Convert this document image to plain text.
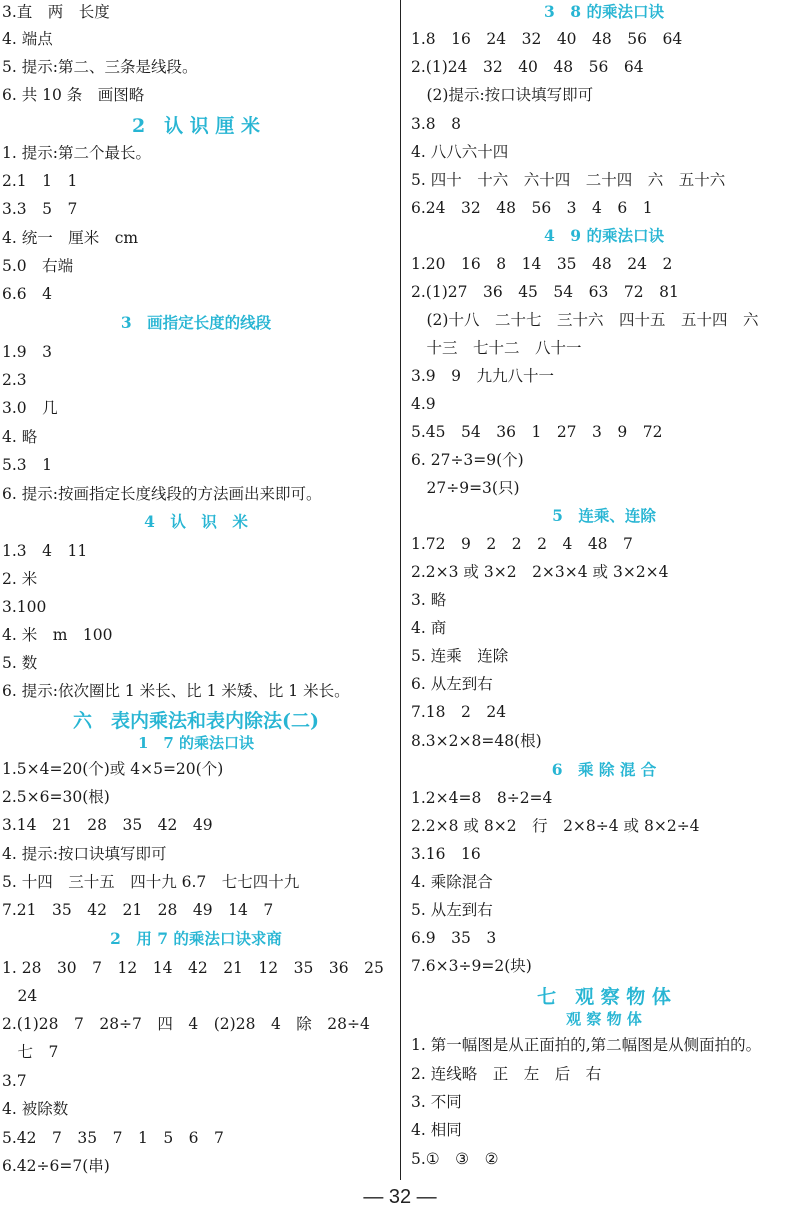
3.直　两　长度
4. 端点
5. 提示:第二、三条是线段。
6. 共 10 条　画图略
2　认 识 厘 米
1. 提示:第二个最长。
2.1　1　1
3.3　5　7
4. 统一　厘米　cm
5.0　右端
6.6　4
3　画指定长度的线段
1.9　3
2.3
3.0　几
4. 略
5.3　1
6. 提示:按画指定长度线段的方法画出来即可。
4　认　识　米
1.3　4　11
2. 米
3.100
4. 米　m　100
5. 数
6. 提示:依次圈比 1 米长、比 1 米矮、比 1 米长。
六　表内乘法和表内除法(二)
1　7 的乘法口诀
1.5×4=20(个)或 4×5=20(个)
2.5×6=30(根)
3.14　21　28　35　42　49
4. 提示:按口诀填写即可
5. 十四　三十五　四十九 6.7　七七四十九
7.21　35　42　21　28　49　14　7
2　用 7 的乘法口诀求商
1. 28　30　7　12　14　42　21　12　35　36　25
　24
2.(1)28　7　28÷7　四　4　(2)28　4　除　28÷4
　七　7
3.7
4. 被除数
5.42　7　35　7　1　5　6　7
6.42÷6=7(串)
3　8 的乘法口诀
1.8　16　24　32　40　48　56　64
2.(1)24　32　40　48　56　64
　(2)提示:按口诀填写即可
3.8　8
4. 八八六十四
5. 四十　十六　六十四　二十四　六　五十六
6.24　32　48　56　3　4　6　1
4　9 的乘法口诀
1.20　16　8　14　35　48　24　2
2.(1)27　36　45　54　63　72　81
　(2)十八　二十七　三十六　四十五　五十四　六
　十三　七十二　八十一
3.9　9　九九八十一
4.9
5.45　54　36　1　27　3　9　72
6. 27÷3=9(个)
　27÷9=3(只)
5　连乘、连除
1.72　9　2　2　2　4　48　7
2.2×3 或 3×2　2×3×4 或 3×2×4
3. 略
4. 商
5. 连乘　连除
6. 从左到右
7.18　2　24
8.3×2×8=48(根)
6　乘 除 混 合
1.2×4=8　8÷2=4
2.2×8 或 8×2　行　2×8÷4 或 8×2÷4
3.16　16
4. 乘除混合
5. 从左到右
6.9　35　3
7.6×3÷9=2(块)
七　观 察 物 体
观 察 物 体
1. 第一幅图是从正面拍的,第二幅图是从侧面拍的。
2. 连线略　正　左　后　右
3. 不同
4. 相同
5.①　③　②
— 32 —
